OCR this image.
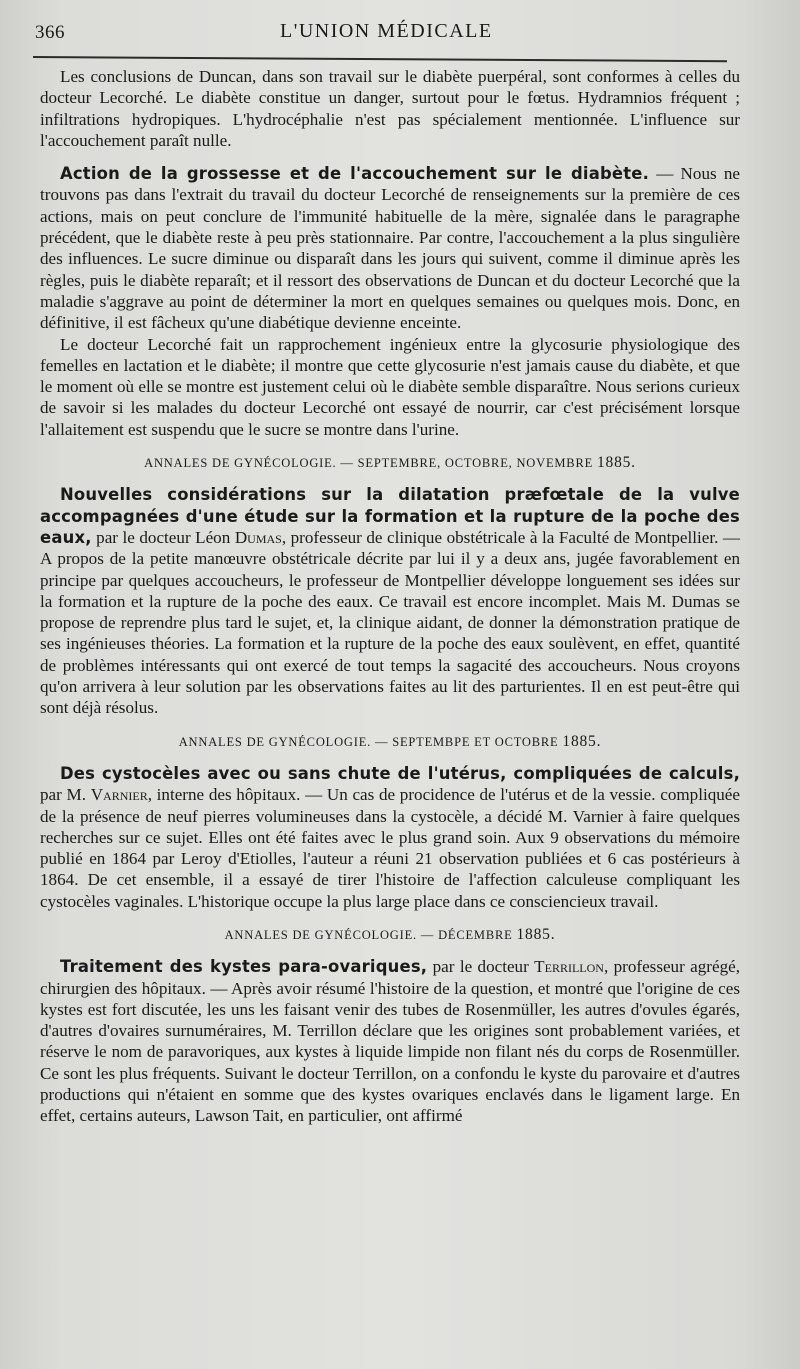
366	L'UNION MÉDICALE

Les conclusions de Duncan, dans son travail sur le diabète puerpéral, sont conformes à celles du docteur Lecorché. Le diabète constitue un danger, surtout pour le fœtus. Hydramnios fréquent ; infiltrations hydropiques. L'hydrocéphalie n'est pas spécialement mentionnée. L'influence sur l'accouchement paraît nulle.

Action de la grossesse et de l'accouchement sur le diabète. — Nous ne trouvons pas dans l'extrait du travail du docteur Lecorché de renseignements sur la première de ces actions, mais on peut conclure de l'immunité habituelle de la mère, signalée dans le paragraphe précédent, que le diabète reste à peu près stationnaire. Par contre, l'accouchement a la plus singulière des influences. Le sucre diminue ou disparaît dans les jours qui suivent, comme il diminue après les règles, puis le diabète reparaît; et il ressort des observations de Duncan et du docteur Lecorché que la maladie s'aggrave au point de déterminer la mort en quelques semaines ou quelques mois. Donc, en définitive, il est fâcheux qu'une diabétique devienne enceinte.

Le docteur Lecorché fait un rapprochement ingénieux entre la glycosurie physiologique des femelles en lactation et le diabète; il montre que cette glycosurie n'est jamais cause du diabète, et que le moment où elle se montre est justement celui où le diabète semble disparaître. Nous serions curieux de savoir si les malades du docteur Lecorché ont essayé de nourrir, car c'est précisément lorsque l'allaitement est suspendu que le sucre se montre dans l'urine.

ANNALES DE GYNÉCOLOGIE. — SEPTEMBRE, OCTOBRE, NOVEMBRE 1885.

Nouvelles considérations sur la dilatation præfœtale de la vulve accompagnées d'une étude sur la formation et la rupture de la poche des eaux, par le docteur Léon Dumas, professeur de clinique obstétricale à la Faculté de Montpellier. — A propos de la petite manœuvre obstétricale décrite par lui il y a deux ans, jugée favorablement en principe par quelques accoucheurs, le professeur de Montpellier développe longuement ses idées sur la formation et la rupture de la poche des eaux. Ce travail est encore incomplet. Mais M. Dumas se propose de reprendre plus tard le sujet, et, la clinique aidant, de donner la démonstration pratique de ses ingénieuses théories. La formation et la rupture de la poche des eaux soulèvent, en effet, quantité de problèmes intéressants qui ont exercé de tout temps la sagacité des accoucheurs. Nous croyons qu'on arrivera à leur solution par les observations faites au lit des parturientes. Il en est peut-être qui sont déjà résolus.

ANNALES DE GYNÉCOLOGIE. — SEPTEMBPE ET OCTOBRE 1885.

Des cystocèles avec ou sans chute de l'utérus, compliquées de calculs, par M. Varnier, interne des hôpitaux. — Un cas de procidence de l'utérus et de la vessie. compliquée de la présence de neuf pierres volumineuses dans la cystocèle, a décidé M. Varnier à faire quelques recherches sur ce sujet. Elles ont été faites avec le plus grand soin. Aux 9 observations du mémoire publié en 1864 par Leroy d'Etiolles, l'auteur a réuni 21 observation publiées et 6 cas postérieurs à 1864. De cet ensemble, il a essayé de tirer l'histoire de l'affection calculeuse compliquant les cystocèles vaginales. L'historique occupe la plus large place dans ce consciencieux travail.

ANNALES DE GYNÉCOLOGIE. — DÉCEMBRE 1885.

Traitement des kystes para-ovariques, par le docteur Terrillon, professeur agrégé, chirurgien des hôpitaux. — Après avoir résumé l'histoire de la question, et montré que l'origine de ces kystes est fort discutée, les uns les faisant venir des tubes de Rosenmüller, les autres d'ovules égarés, d'autres d'ovaires surnuméraires, M. Terrillon déclare que les origines sont probablement variées, et réserve le nom de paravoriques, aux kystes à liquide limpide non filant nés du corps de Rosenmüller. Ce sont les plus fréquents. Suivant le docteur Terrillon, on a confondu le kyste du parovaire et d'autres productions qui n'étaient en somme que des kystes ovariques enclavés dans le ligament large. En effet, certains auteurs, Lawson Tait, en particulier, ont affirmé
